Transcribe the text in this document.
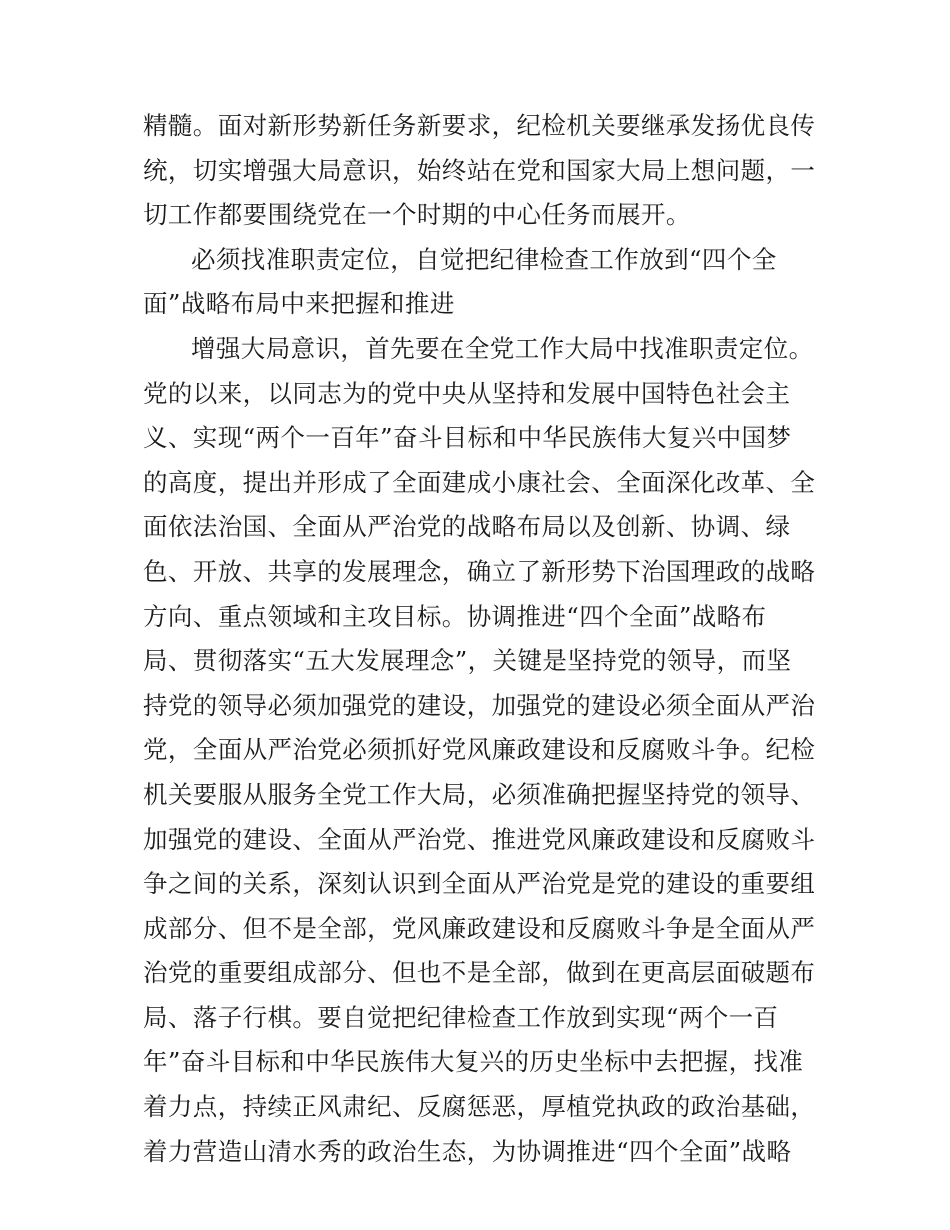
精髓。面对新形势新任务新要求，纪检机关要继承发扬优良传
统，切实增强大局意识，始终站在党和国家大局上想问题，一
切工作都要围绕党在一个时期的中心任务而展开。
必须找准职责定位，自觉把纪律检查工作放到“四个全
面”战略布局中来把握和推进
增强大局意识，首先要在全党工作大局中找准职责定位。
党的以来，以同志为的党中央从坚持和发展中国特色社会主
义、实现“两个一百年”奋斗目标和中华民族伟大复兴中国梦
的高度，提出并形成了全面建成小康社会、全面深化改革、全
面依法治国、全面从严治党的战略布局以及创新、协调、绿
色、开放、共享的发展理念，确立了新形势下治国理政的战略
方向、重点领域和主攻目标。协调推进“四个全面”战略布
局、贯彻落实“五大发展理念”，关键是坚持党的领导，而坚
持党的领导必须加强党的建设，加强党的建设必须全面从严治
党，全面从严治党必须抓好党风廉政建设和反腐败斗争。纪检
机关要服从服务全党工作大局，必须准确把握坚持党的领导、
加强党的建设、全面从严治党、推进党风廉政建设和反腐败斗
争之间的关系，深刻认识到全面从严治党是党的建设的重要组
成部分、但不是全部，党风廉政建设和反腐败斗争是全面从严
治党的重要组成部分、但也不是全部，做到在更高层面破题布
局、落子行棋。要自觉把纪律检查工作放到实现“两个一百
年”奋斗目标和中华民族伟大复兴的历史坐标中去把握，找准
着力点，持续正风肃纪、反腐惩恶，厚植党执政的政治基础，
着力营造山清水秀的政治生态，为协调推进“四个全面”战略
